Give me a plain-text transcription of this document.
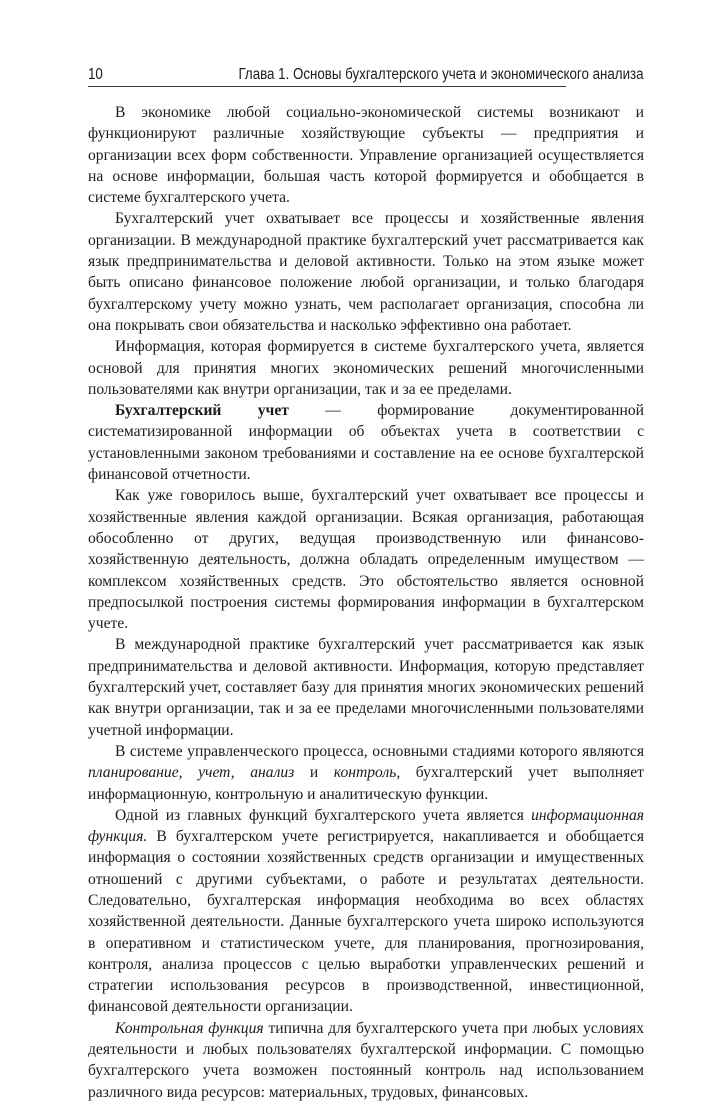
10	Глава 1. Основы бухгалтерского учета и экономического анализа

В экономике любой социально-экономической системы возникают и функционируют различные хозяйствующие субъекты — предприятия и организации всех форм собственности. Управление организацией осуществляется на основе информации, большая часть которой формируется и обобщается в системе бухгалтерского учета.

Бухгалтерский учет охватывает все процессы и хозяйственные явления организации. В международной практике бухгалтерский учет рассматривается как язык предпринимательства и деловой активности. Только на этом языке может быть описано финансовое положение любой организации, и только благодаря бухгалтерскому учету можно узнать, чем располагает организация, способна ли она покрывать свои обязательства и насколько эффективно она работает.

Информация, которая формируется в системе бухгалтерского учета, является основой для принятия многих экономических решений многочисленными пользователями как внутри организации, так и за ее пределами.

Бухгалтерский учет — формирование документированной систематизированной информации об объектах учета в соответствии с установленными законом требованиями и составление на ее основе бухгалтерской финансовой отчетности.

Как уже говорилось выше, бухгалтерский учет охватывает все процессы и хозяйственные явления каждой организации. Всякая организация, работающая обособленно от других, ведущая производственную или финансово-хозяйственную деятельность, должна обладать определенным имуществом — комплексом хозяйственных средств. Это обстоятельство является основной предпосылкой построения системы формирования информации в бухгалтерском учете.

В международной практике бухгалтерский учет рассматривается как язык предпринимательства и деловой активности. Информация, которую представляет бухгалтерский учет, составляет базу для принятия многих экономических решений как внутри организации, так и за ее пределами многочисленными пользователями учетной информации.

В системе управленческого процесса, основными стадиями которого являются планирование, учет, анализ и контроль, бухгалтерский учет выполняет информационную, контрольную и аналитическую функции.

Одной из главных функций бухгалтерского учета является информационная функция. В бухгалтерском учете регистрируется, накапливается и обобщается информация о состоянии хозяйственных средств организации и имущественных отношений с другими субъектами, о работе и результатах деятельности. Следовательно, бухгалтерская информация необходима во всех областях хозяйственной деятельности. Данные бухгалтерского учета широко используются в оперативном и статистическом учете, для планирования, прогнозирования, контроля, анализа процессов с целью выработки управленческих решений и стратегии использования ресурсов в производственной, инвестиционной, финансовой деятельности организации.

Контрольная функция типична для бухгалтерского учета при любых условиях деятельности и любых пользователях бухгалтерской информации. С помощью бухгалтерского учета возможен постоянный контроль над использованием различного вида ресурсов: материальных, трудовых, финансовых.
